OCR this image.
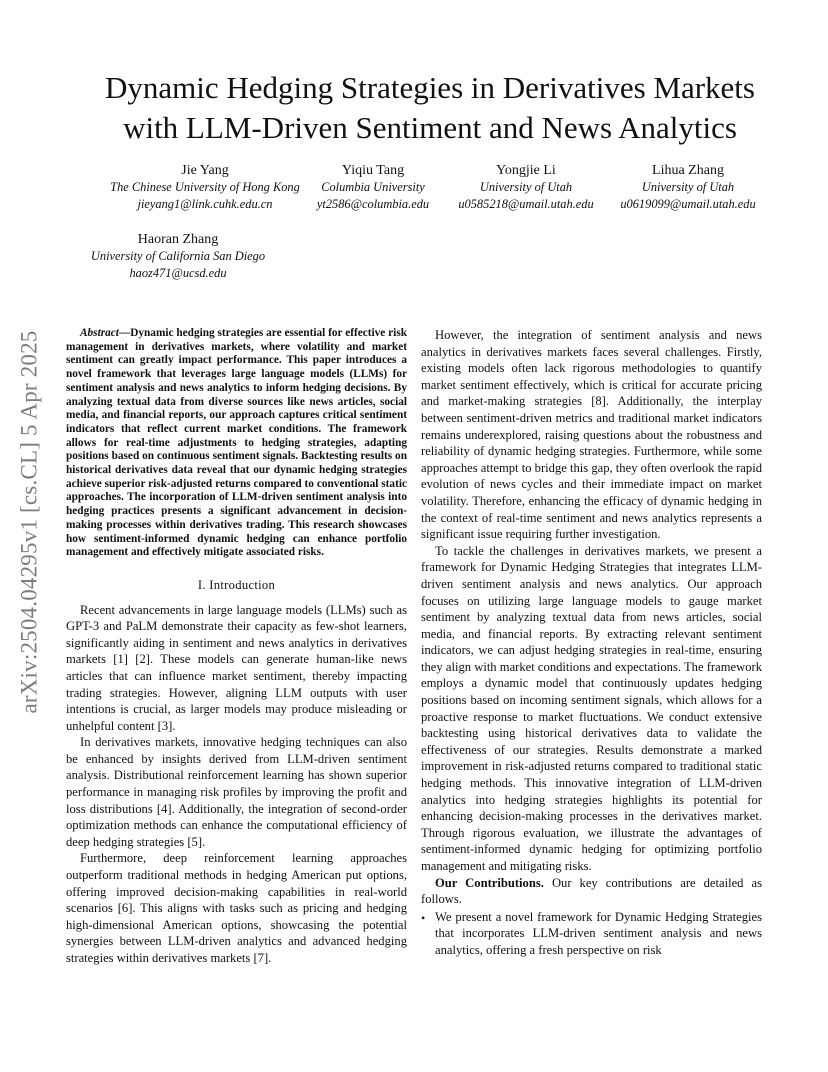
arXiv:2504.04295v1 [cs.CL] 5 Apr 2025
Dynamic Hedging Strategies in Derivatives Markets
with LLM-Driven Sentiment and News Analytics
Jie Yang
The Chinese University of Hong Kong
jieyang1@link.cuhk.edu.cn
Yiqiu Tang
Columbia University
yt2586@columbia.edu
Yongjie Li
University of Utah
u0585218@umail.utah.edu
Lihua Zhang
University of Utah
u0619099@umail.utah.edu
Haoran Zhang
University of California San Diego
haoz471@ucsd.edu
Abstract—Dynamic hedging strategies are essential for effective risk management in derivatives markets, where volatility and market sentiment can greatly impact performance. This paper introduces a novel framework that leverages large language models (LLMs) for sentiment analysis and news analytics to inform hedging decisions. By analyzing textual data from diverse sources like news articles, social media, and financial reports, our approach captures critical sentiment indicators that reflect current market conditions. The framework allows for real-time adjustments to hedging strategies, adapting positions based on continuous sentiment signals. Backtesting results on historical derivatives data reveal that our dynamic hedging strategies achieve superior risk-adjusted returns compared to conventional static approaches. The incorporation of LLM-driven sentiment analysis into hedging practices presents a significant advancement in decision-making processes within derivatives trading. This research showcases how sentiment-informed dynamic hedging can enhance portfolio management and effectively mitigate associated risks.
I. Introduction

Recent advancements in large language models (LLMs) such as GPT-3 and PaLM demonstrate their capacity as few-shot learners, significantly aiding in sentiment and news analytics in derivatives markets [1] [2]. These models can generate human-like news articles that can influence market sentiment, thereby impacting trading strategies. However, aligning LLM outputs with user intentions is crucial, as larger models may produce misleading or unhelpful content [3].

In derivatives markets, innovative hedging techniques can also be enhanced by insights derived from LLM-driven sentiment analysis. Distributional reinforcement learning has shown superior performance in managing risk profiles by improving the profit and loss distributions [4]. Additionally, the integration of second-order optimization methods can enhance the computational efficiency of deep hedging strategies [5].

Furthermore, deep reinforcement learning approaches outperform traditional methods in hedging American put options, offering improved decision-making capabilities in real-world scenarios [6]. This aligns with tasks such as pricing and hedging high-dimensional American options, showcasing the potential synergies between LLM-driven analytics and advanced hedging strategies within derivatives markets [7].

However, the integration of sentiment analysis and news analytics in derivatives markets faces several challenges. Firstly, existing models often lack rigorous methodologies to quantify market sentiment effectively, which is critical for accurate pricing and market-making strategies [8]. Additionally, the interplay between sentiment-driven metrics and traditional market indicators remains underexplored, raising questions about the robustness and reliability of dynamic hedging strategies. Furthermore, while some approaches attempt to bridge this gap, they often overlook the rapid evolution of news cycles and their immediate impact on market volatility. Therefore, enhancing the efficacy of dynamic hedging in the context of real-time sentiment and news analytics represents a significant issue requiring further investigation.

To tackle the challenges in derivatives markets, we present a framework for Dynamic Hedging Strategies that integrates LLM-driven sentiment analysis and news analytics. Our approach focuses on utilizing large language models to gauge market sentiment by analyzing textual data from news articles, social media, and financial reports. By extracting relevant sentiment indicators, we can adjust hedging strategies in real-time, ensuring they align with market conditions and expectations. The framework employs a dynamic model that continuously updates hedging positions based on incoming sentiment signals, which allows for a proactive response to market fluctuations. We conduct extensive backtesting using historical derivatives data to validate the effectiveness of our strategies. Results demonstrate a marked improvement in risk-adjusted returns compared to traditional static hedging methods. This innovative integration of LLM-driven analytics into hedging strategies highlights its potential for enhancing decision-making processes in the derivatives market. Through rigorous evaluation, we illustrate the advantages of sentiment-informed dynamic hedging for optimizing portfolio management and mitigating risks.

Our Contributions. Our key contributions are detailed as follows.

• We present a novel framework for Dynamic Hedging Strategies that incorporates LLM-driven sentiment analysis and news analytics, offering a fresh perspective on risk
